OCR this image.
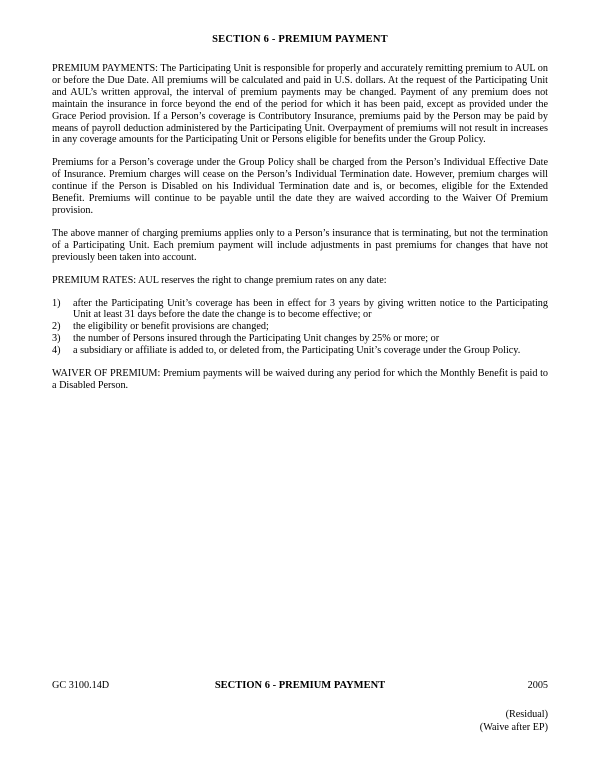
SECTION 6 - PREMIUM PAYMENT

PREMIUM PAYMENTS: The Participating Unit is responsible for properly and accurately remitting premium to AUL on or before the Due Date. All premiums will be calculated and paid in U.S. dollars. At the request of the Participating Unit and AUL’s written approval, the interval of premium payments may be changed. Payment of any premium does not maintain the insurance in force beyond the end of the period for which it has been paid, except as provided under the Grace Period provision. If a Person’s coverage is Contributory Insurance, premiums paid by the Person may be paid by means of payroll deduction administered by the Participating Unit. Overpayment of premiums will not result in increases in any coverage amounts for the Participating Unit or Persons eligible for benefits under the Group Policy.

Premiums for a Person’s coverage under the Group Policy shall be charged from the Person’s Individual Effective Date of Insurance. Premium charges will cease on the Person’s Individual Termination date. However, premium charges will continue if the Person is Disabled on his Individual Termination date and is, or becomes, eligible for the Extended Benefit. Premiums will continue to be payable until the date they are waived according to the Waiver Of Premium provision.

The above manner of charging premiums applies only to a Person’s insurance that is terminating, but not the termination of a Participating Unit. Each premium payment will include adjustments in past premiums for changes that have not previously been taken into account.

PREMIUM RATES: AUL reserves the right to change premium rates on any date:

1)	after the Participating Unit’s coverage has been in effect for 3 years by giving written notice to the Participating Unit at least 31 days before the date the change is to become effective; or
2)	the eligibility or benefit provisions are changed;
3)	the number of Persons insured through the Participating Unit changes by 25% or more; or
4)	a subsidiary or affiliate is added to, or deleted from, the Participating Unit’s coverage under the Group Policy.

WAIVER OF PREMIUM: Premium payments will be waived during any period for which the Monthly Benefit is paid to a Disabled Person.

GC 3100.14D	SECTION 6 - PREMIUM PAYMENT	2005
(Residual)
(Waive after EP)
